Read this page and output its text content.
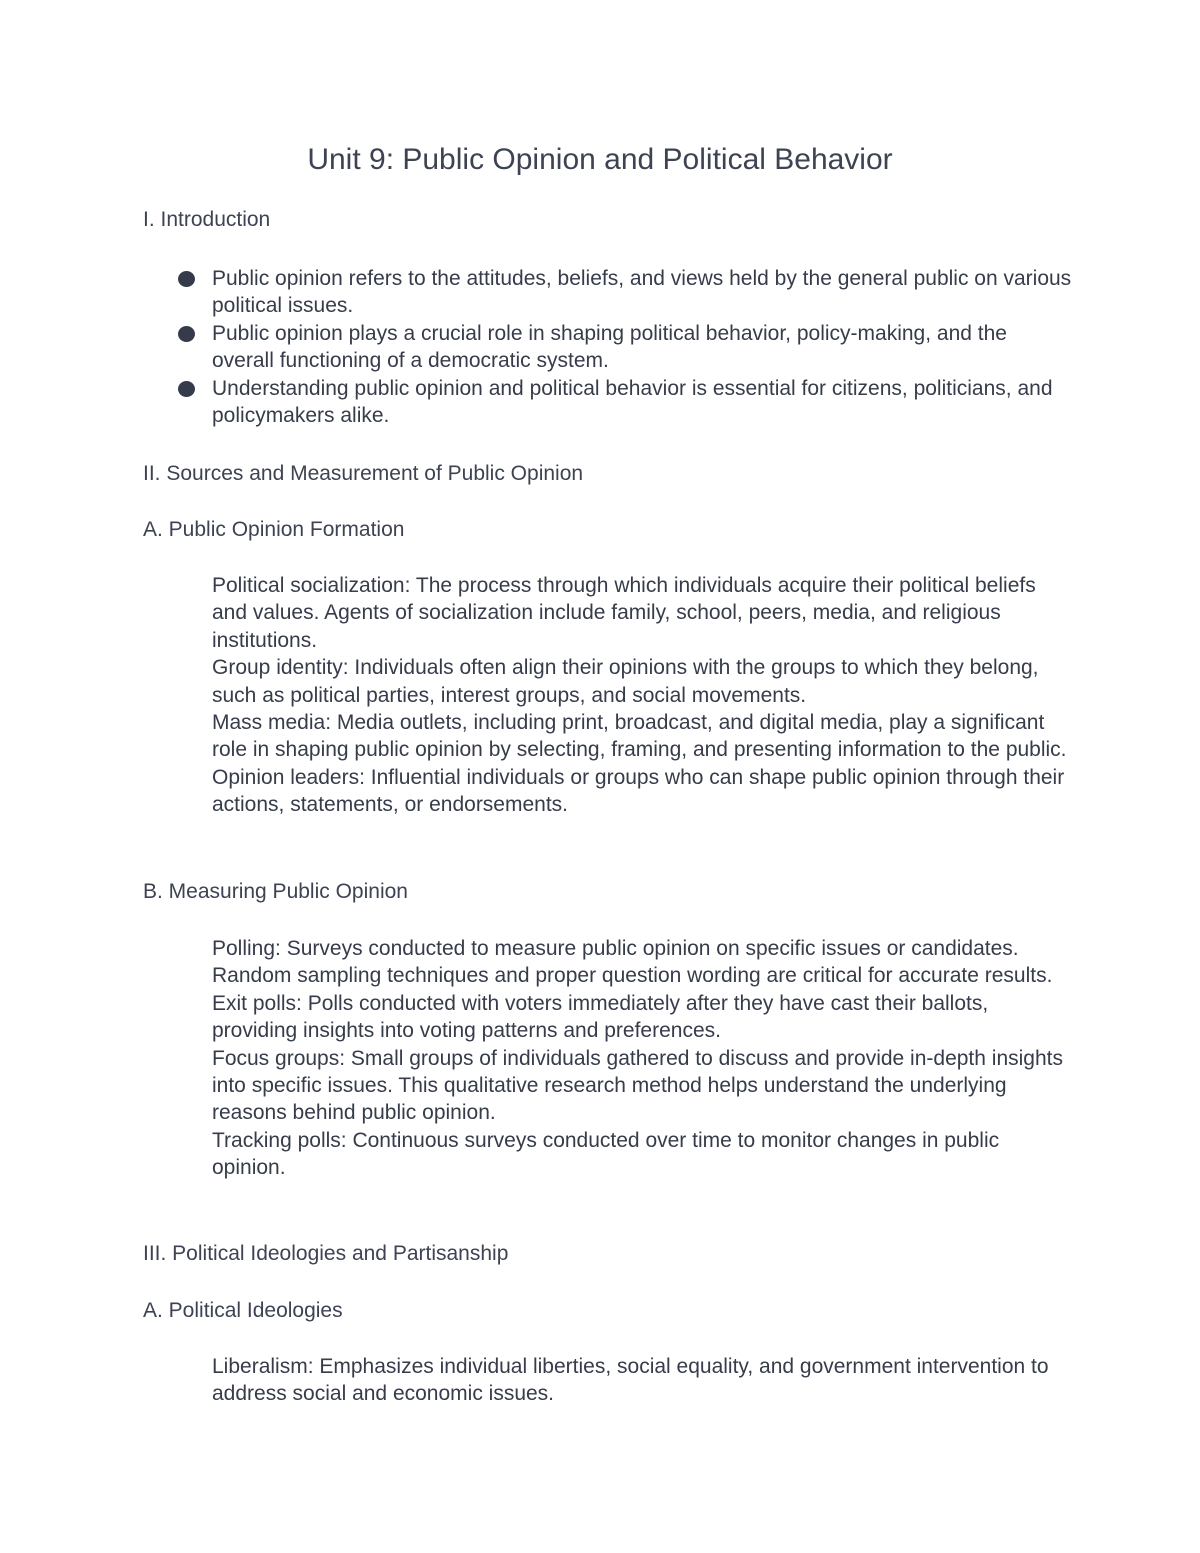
Unit 9: Public Opinion and Political Behavior
I. Introduction
Public opinion refers to the attitudes, beliefs, and views held by the general public on various political issues.
Public opinion plays a crucial role in shaping political behavior, policy-making, and the overall functioning of a democratic system.
Understanding public opinion and political behavior is essential for citizens, politicians, and policymakers alike.
II. Sources and Measurement of Public Opinion
A. Public Opinion Formation

Political socialization: The process through which individuals acquire their political beliefs and values. Agents of socialization include family, school, peers, media, and religious institutions.

Group identity: Individuals often align their opinions with the groups to which they belong, such as political parties, interest groups, and social movements.

Mass media: Media outlets, including print, broadcast, and digital media, play a significant role in shaping public opinion by selecting, framing, and presenting information to the public.

Opinion leaders: Influential individuals or groups who can shape public opinion through their actions, statements, or endorsements.

B. Measuring Public Opinion

Polling: Surveys conducted to measure public opinion on specific issues or candidates. Random sampling techniques and proper question wording are critical for accurate results.

Exit polls: Polls conducted with voters immediately after they have cast their ballots, providing insights into voting patterns and preferences.

Focus groups: Small groups of individuals gathered to discuss and provide in-depth insights into specific issues. This qualitative research method helps understand the underlying reasons behind public opinion.

Tracking polls: Continuous surveys conducted over time to monitor changes in public opinion.

III. Political Ideologies and Partisanship
A. Political Ideologies

Liberalism: Emphasizes individual liberties, social equality, and government intervention to address social and economic issues.
